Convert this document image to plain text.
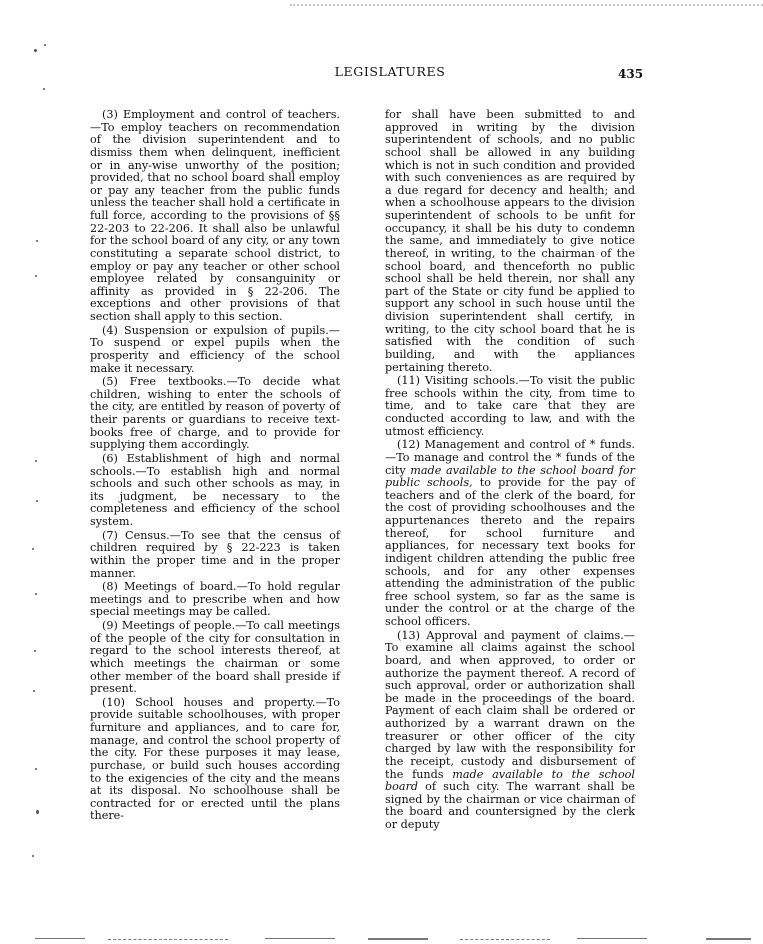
LEGISLATURES	435

(3) Employment and control of teachers. —To employ teachers on recommendation of the division superintendent and to dismiss them when delinquent, inefficient or in any-wise unworthy of the position; provided, that no school board shall employ or pay any teacher from the public funds unless the teacher shall hold a certificate in full force, according to the provisions of §§ 22-203 to 22-206. It shall also be unlawful for the school board of any city, or any town constituting a separate school district, to employ or pay any teacher or other school employee related by consanguinity or affinity as provided in § 22-206. The exceptions and other provisions of that section shall apply to this section.

(4) Suspension or expulsion of pupils.— To suspend or expel pupils when the prosperity and efficiency of the school make it necessary.

(5) Free textbooks.—To decide what children, wishing to enter the schools of the city, are entitled by reason of poverty of their parents or guardians to receive text-books free of charge, and to provide for supplying them accordingly.

(6) Establishment of high and normal schools.—To establish high and normal schools and such other schools as may, in its judgment, be necessary to the completeness and efficiency of the school system.

(7) Census.—To see that the census of children required by § 22-223 is taken within the proper time and in the proper manner.

(8) Meetings of board.—To hold regular meetings and to prescribe when and how special meetings may be called.

(9) Meetings of people.—To call meetings of the people of the city for consultation in regard to the school interests thereof, at which meetings the chairman or some other member of the board shall preside if present.

(10) School houses and property.—To provide suitable schoolhouses, with proper furniture and appliances, and to care for, manage, and control the school property of the city. For these purposes it may lease, purchase, or build such houses according to the exigencies of the city and the means at its disposal. No schoolhouse shall be contracted for or erected until the plans there-

for shall have been submitted to and approved in writing by the division superintendent of schools, and no public school shall be allowed in any building which is not in such condition and provided with such conveniences as are required by a due regard for decency and health; and when a schoolhouse appears to the division superintendent of schools to be unfit for occupancy, it shall be his duty to condemn the same, and immediately to give notice thereof, in writing, to the chairman of the school board, and thenceforth no public school shall be held therein, nor shall any part of the State or city fund be applied to support any school in such house until the division superintendent shall certify, in writing, to the city school board that he is satisfied with the condition of such building, and with the appliances pertaining thereto.

(11) Visiting schools.—To visit the public free schools within the city, from time to time, and to take care that they are conducted according to law, and with the utmost efficiency.

(12) Management and control of * funds. —To manage and control the * funds of the city made available to the school board for public schools, to provide for the pay of teachers and of the clerk of the board, for the cost of providing schoolhouses and the appurtenances thereto and the repairs thereof, for school furniture and appliances, for necessary text books for indigent children attending the public free schools, and for any other expenses attending the administration of the public free school system, so far as the same is under the control or at the charge of the school officers.

(13) Approval and payment of claims.— To examine all claims against the school board, and when approved, to order or authorize the payment thereof. A record of such approval, order or authorization shall be made in the proceedings of the board. Payment of each claim shall be ordered or authorized by a warrant drawn on the treasurer or other officer of the city charged by law with the responsibility for the receipt, custody and disbursement of the funds made available to the school board of such city. The warrant shall be signed by the chairman or vice chairman of the board and countersigned by the clerk or deputy
